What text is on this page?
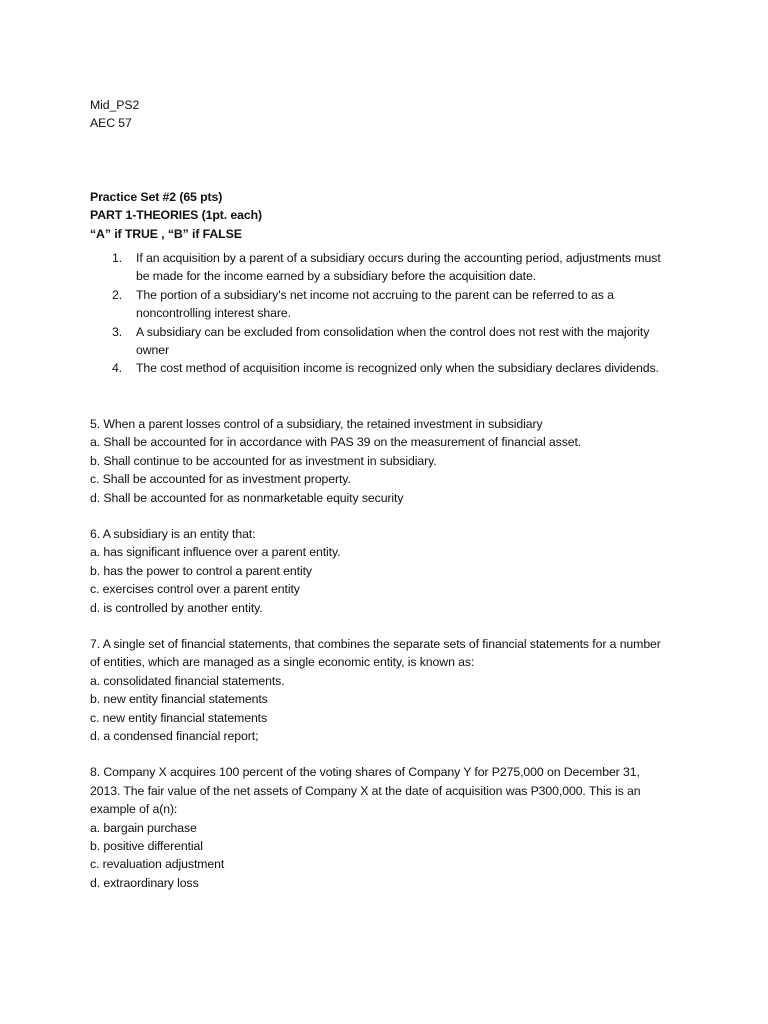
Mid_PS2
AEC 57
Practice Set #2 (65 pts)
PART 1-THEORIES (1pt. each)
“A” if TRUE , “B” if FALSE
1. If an acquisition by a parent of a subsidiary occurs during the accounting period, adjustments must be made for the income earned by a subsidiary before the acquisition date.
2. The portion of a subsidiary's net income not accruing to the parent can be referred to as a noncontrolling interest share.
3. A subsidiary can be excluded from consolidation when the control does not rest with the majority owner
4. The cost method of acquisition income is recognized only when the subsidiary declares dividends.
5. When a parent losses control of a subsidiary, the retained investment in subsidiary
a. Shall be accounted for in accordance with PAS 39 on the measurement of financial asset.
b. Shall continue to be accounted for as investment in subsidiary.
c. Shall be accounted for as investment property.
d. Shall be accounted for as nonmarketable equity security
6. A subsidiary is an entity that:
a. has significant influence over a parent entity.
b. has the power to control a parent entity
c. exercises control over a parent entity
d. is controlled by another entity.
7. A single set of financial statements, that combines the separate sets of financial statements for a number of entities, which are managed as a single economic entity, is known as:
a. consolidated financial statements.
b. new entity financial statements
c. new entity financial statements
d. a condensed financial report;
8. Company X acquires 100 percent of the voting shares of Company Y for P275,000 on December 31, 2013. The fair value of the net assets of Company X at the date of acquisition was P300,000. This is an example of a(n):
a. bargain purchase
b. positive differential
c. revaluation adjustment
d. extraordinary loss
